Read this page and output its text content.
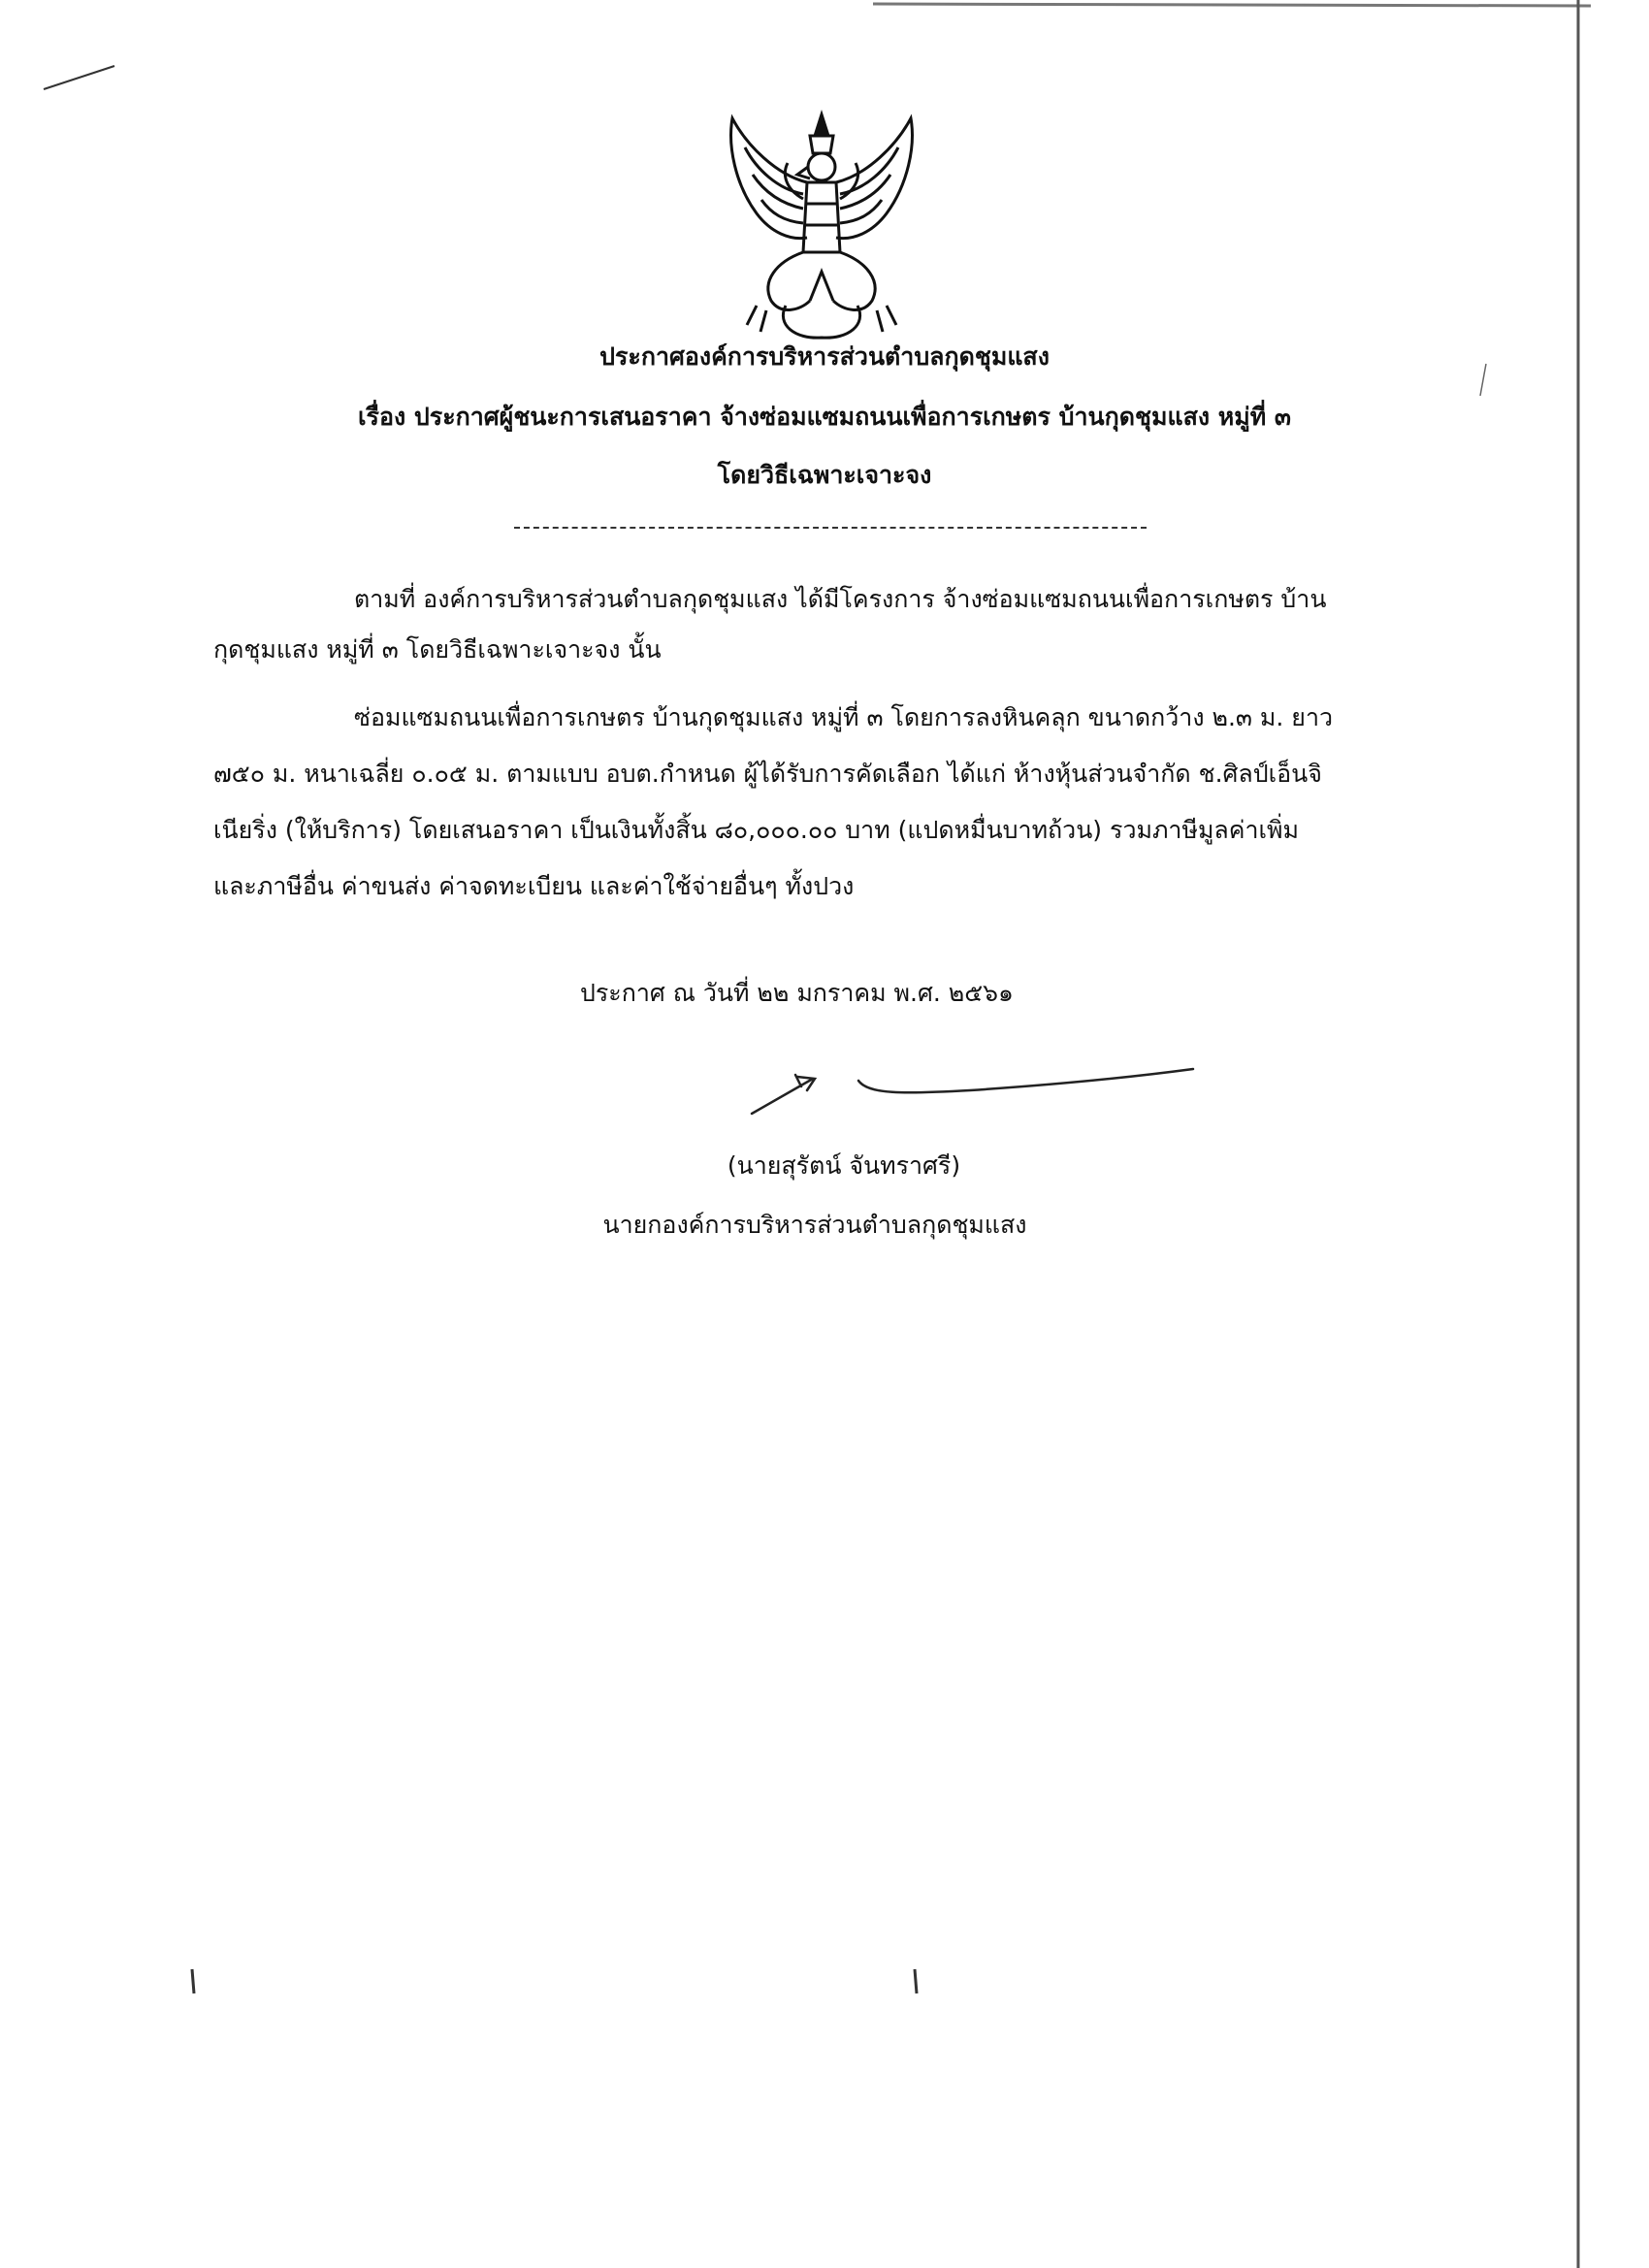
ประกาศองค์การบริหารส่วนตำบลกุดชุมแสง
เรื่อง ประกาศผู้ชนะการเสนอราคา จ้างซ่อมแซมถนนเพื่อการเกษตร บ้านกุดชุมแสง หมู่ที่ ๓
โดยวิธีเฉพาะเจาะจง
ตามที่ องค์การบริหารส่วนตำบลกุดชุมแสง ได้มีโครงการ จ้างซ่อมแซมถนนเพื่อการเกษตร บ้าน
กุดชุมแสง หมู่ที่ ๓ โดยวิธีเฉพาะเจาะจง นั้น
ซ่อมแซมถนนเพื่อการเกษตร บ้านกุดชุมแสง หมู่ที่ ๓ โดยการลงหินคลุก ขนาดกว้าง ๒.๓ ม. ยาว
๗๕๐ ม. หนาเฉลี่ย ๐.๐๕ ม. ตามแบบ อบต.กำหนด ผู้ได้รับการคัดเลือก ได้แก่ ห้างหุ้นส่วนจำกัด ช.ศิลป์เอ็นจิ
เนียริ่ง (ให้บริการ) โดยเสนอราคา เป็นเงินทั้งสิ้น ๘๐,๐๐๐.๐๐ บาท (แปดหมื่นบาทถ้วน) รวมภาษีมูลค่าเพิ่ม
และภาษีอื่น ค่าขนส่ง ค่าจดทะเบียน และค่าใช้จ่ายอื่นๆ ทั้งปวง
ประกาศ ณ วันที่ ๒๒ มกราคม พ.ศ. ๒๕๖๑
(นายสุรัตน์ จันทราศรี)
นายกองค์การบริหารส่วนตำบลกุดชุมแสง
